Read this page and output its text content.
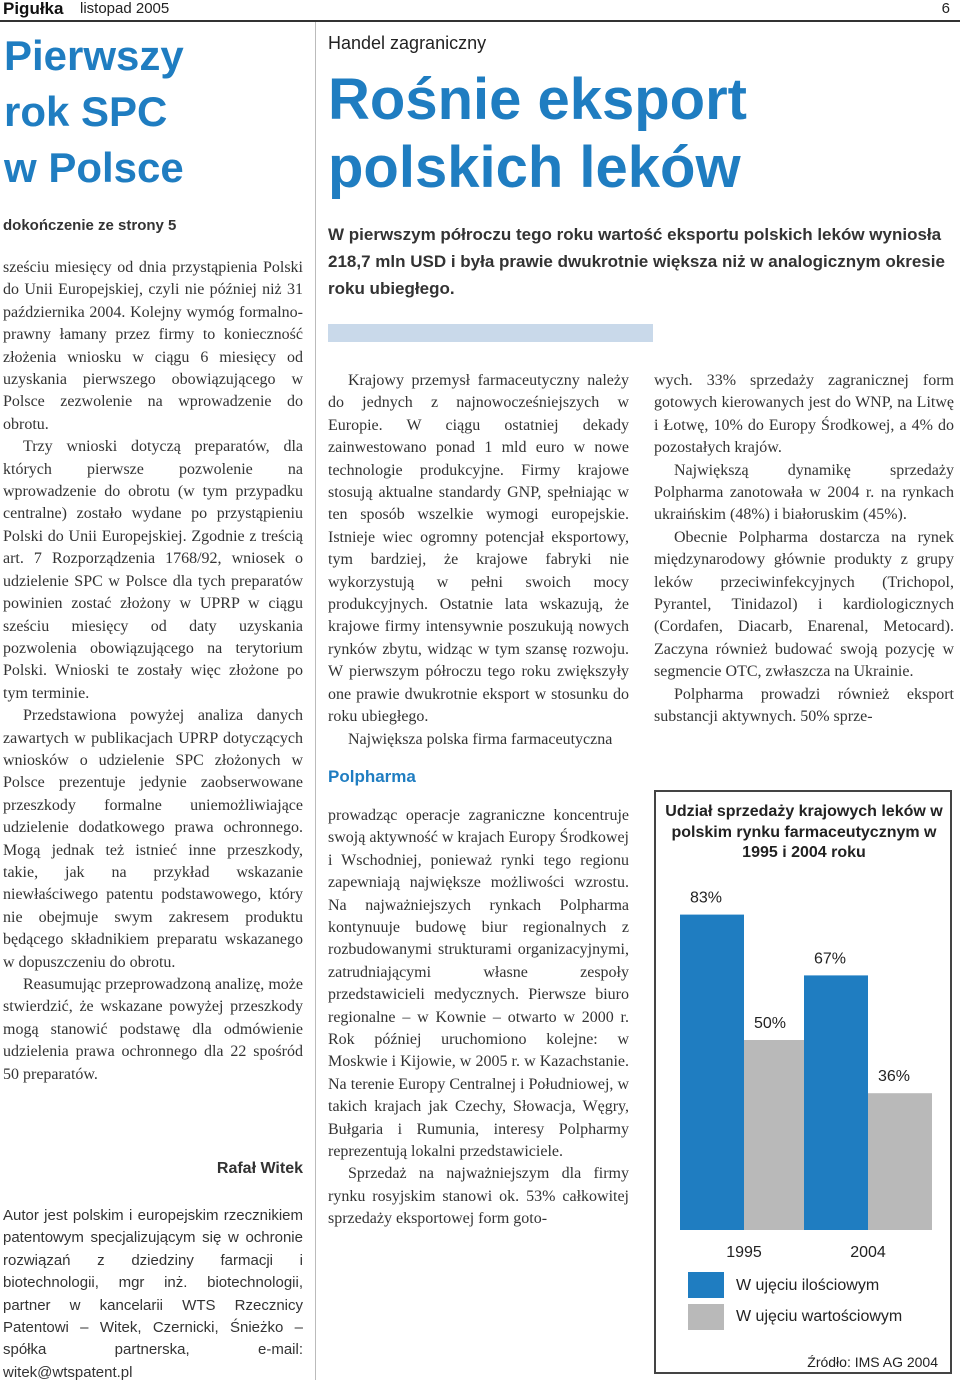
Pigułka listopad 2005	6
Pierwszy
rok SPC
w Polsce
dokończenie ze strony 5

sześciu miesięcy od dnia przystąpienia Polski do Unii Europejskiej, czyli nie później niż 31 października 2004. Kolejny wymóg formalno-prawny łamany przez firmy to konieczność złożenia wniosku w ciągu 6 miesięcy od uzyskania pierwszego obowiązującego w Polsce zezwolenie na wprowadzenie do obrotu.

Trzy wnioski dotyczą preparatów, dla których pierwsze pozwolenie na wprowadzenie do obrotu (w tym przypadku centralne) zostało wydane po przystąpieniu Polski do Unii Europejskiej. Zgodnie z treścią art. 7 Rozporządzenia 1768/92, wniosek o udzielenie SPC w Polsce dla tych preparatów powinien zostać złożony w UPRP w ciągu sześciu miesięcy od daty uzyskania pozwolenia obowiązującego na terytorium Polski. Wnioski te zostały więc złożone po tym terminie.

Przedstawiona powyżej analiza danych zawartych w publikacjach UPRP dotyczących wniosków o udzielenie SPC złożonych w Polsce prezentuje jedynie zaobserwowane przeszkody formalne uniemożliwiające udzielenie dodatkowego prawa ochronnego. Mogą jednak też istnieć inne przeszkody, takie, jak na przykład wskazanie niewłaściwego patentu podstawowego, który nie obejmuje swym zakresem produktu będącego składnikiem preparatu wskazanego w dopuszczeniu do obrotu.

Reasumując przeprowadzoną analizę, może stwierdzić, że wskazane powyżej przeszkody mogą stanowić podstawę dla odmówienie udzielenia prawa ochronnego dla 22 spośród 50 preparatów.

Rafał Witek
Autor jest polskim i europejskim rzecznikiem patentowym specjalizującym się w ochronie rozwiązań z dziedziny farmacji i biotechnologii, mgr inż. biotechnologii, partner w kancelarii WTS Rzecznicy Patentowi – Witek, Czernicki, Śnieżko – spółka partnerska, e-mail: witek@wtspatent.pl
Handel zagraniczny
Rośnie eksport
polskich leków
W pierwszym półroczu tego roku wartość eksportu polskich leków wyniosła 218,7 mln USD i była prawie dwukrotnie większa niż w analogicznym okresie roku ubiegłego.

Krajowy przemysł farmaceutyczny należy do jednych z najnowocześniejszych w Europie. W ciągu ostatniej dekady zainwestowano ponad 1 mld euro w nowe technologie produkcyjne. Firmy krajowe stosują aktualne standardy GNP, spełniając w ten sposób wszelkie wymogi europejskie. Istnieje wiec ogromny potencjał eksportowy, tym bardziej, że krajowe fabryki nie wykorzystują w pełni swoich mocy produkcyjnych. Ostatnie lata wskazują, że krajowe firmy intensywnie poszukują nowych rynków zbytu, widząc w tym szansę rozwoju. W pierwszym półroczu tego roku zwiększyły one prawie dwukrotnie eksport w stosunku do roku ubiegłego.

Największa polska firma farmaceutyczna

Polpharma

prowadząc operacje zagraniczne koncentruje swoją aktywność w krajach Europy Środkowej i Wschodniej, ponieważ rynki tego regionu zapewniają największe możliwości wzrostu. Na najważniejszych rynkach Polpharma kontynuuje budowę biur regionalnych z rozbudowanymi strukturami organizacyjnymi, zatrudniającymi własne zespoły przedstawicieli medycznych. Pierwsze biuro regionalne – w Kownie – otwarto w 2000 r. Rok później uruchomiono kolejne: w Moskwie i Kijowie, w 2005 r. w Kazachstanie. Na terenie Europy Centralnej i Południowej, w takich krajach jak Czechy, Słowacja, Węgry, Bułgaria i Rumunia, interesy Polpharmy reprezentują lokalni przedstawiciele.

Sprzedaż na najważniejszym dla firmy rynku rosyjskim stanowi ok. 53% całkowitej sprzedaży eksportowej form goto-

wych. 33% sprzedaży zagranicznej form gotowych kierowanych jest do WNP, na Litwę i Łotwę, 10% do Europy Środkowej, a 4% do pozostałych krajów.

Największą dynamikę sprzedaży Polpharma zanotowała w 2004 r. na rynkach ukraińskim (48%) i białoruskim (45%).

Obecnie Polpharma dostarcza na rynek międzynarodowy głównie produkty z grupy leków przeciwinfekcyjnych (Trichopol, Pyrantel, Tinidazol) i kardiologicznych (Cordafen, Diacarb, Enarenal, Metocard). Zaczyna również budować swoją pozycję w segmencie OTC, zwłaszcza na Ukrainie.

Polpharma prowadzi również eksport substancji aktywnych. 50% sprze-

Udział sprzedaży krajowych leków w polskim rynku farmaceutycznym w 1995 i 2004 roku
83%
50%
1995
67%
36%
2004
W ujęciu ilościowym
W ujęciu wartościowym
Źródło: IMS AG 2004
